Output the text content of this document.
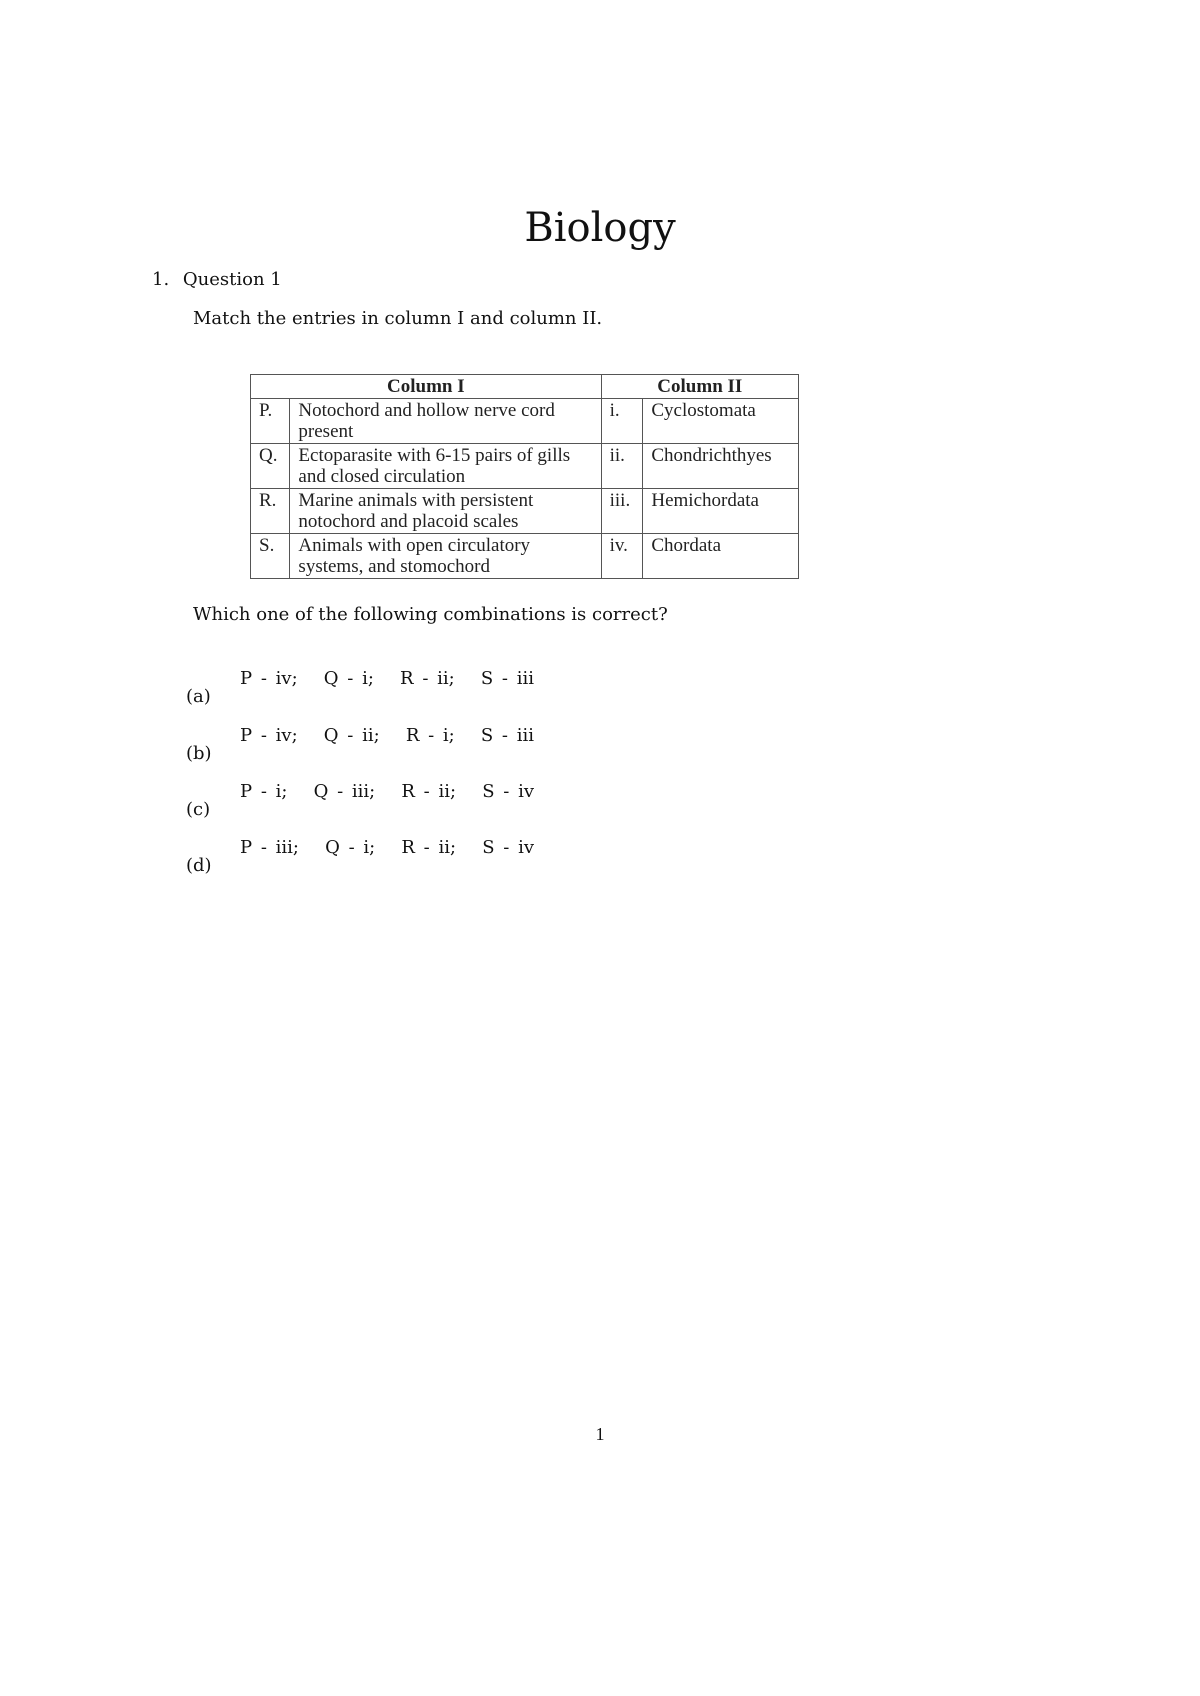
Biology
1. Question 1
Match the entries in column I and column II.
Column I		Column II	
P.	Notochord and hollow nerve cord present	i.	Cyclostomata
Q.	Ectoparasite with 6-15 pairs of gills and closed circulation	ii.	Chondrichthyes
R.	Marine animals with persistent notochord and placoid scales	iii.	Hemichordata
S.	Animals with open circulatory systems, and stomochord	iv.	Chordata
Which one of the following combinations is correct?
(a)
P - iv;   Q - i;   R - ii;   S - iii
(b)
P - iv;   Q - ii;   R - i;   S - iii
(c)
P - i;   Q - iii;   R - ii;   S - iv
(d)
P - iii;   Q - i;   R - ii;   S - iv
1
